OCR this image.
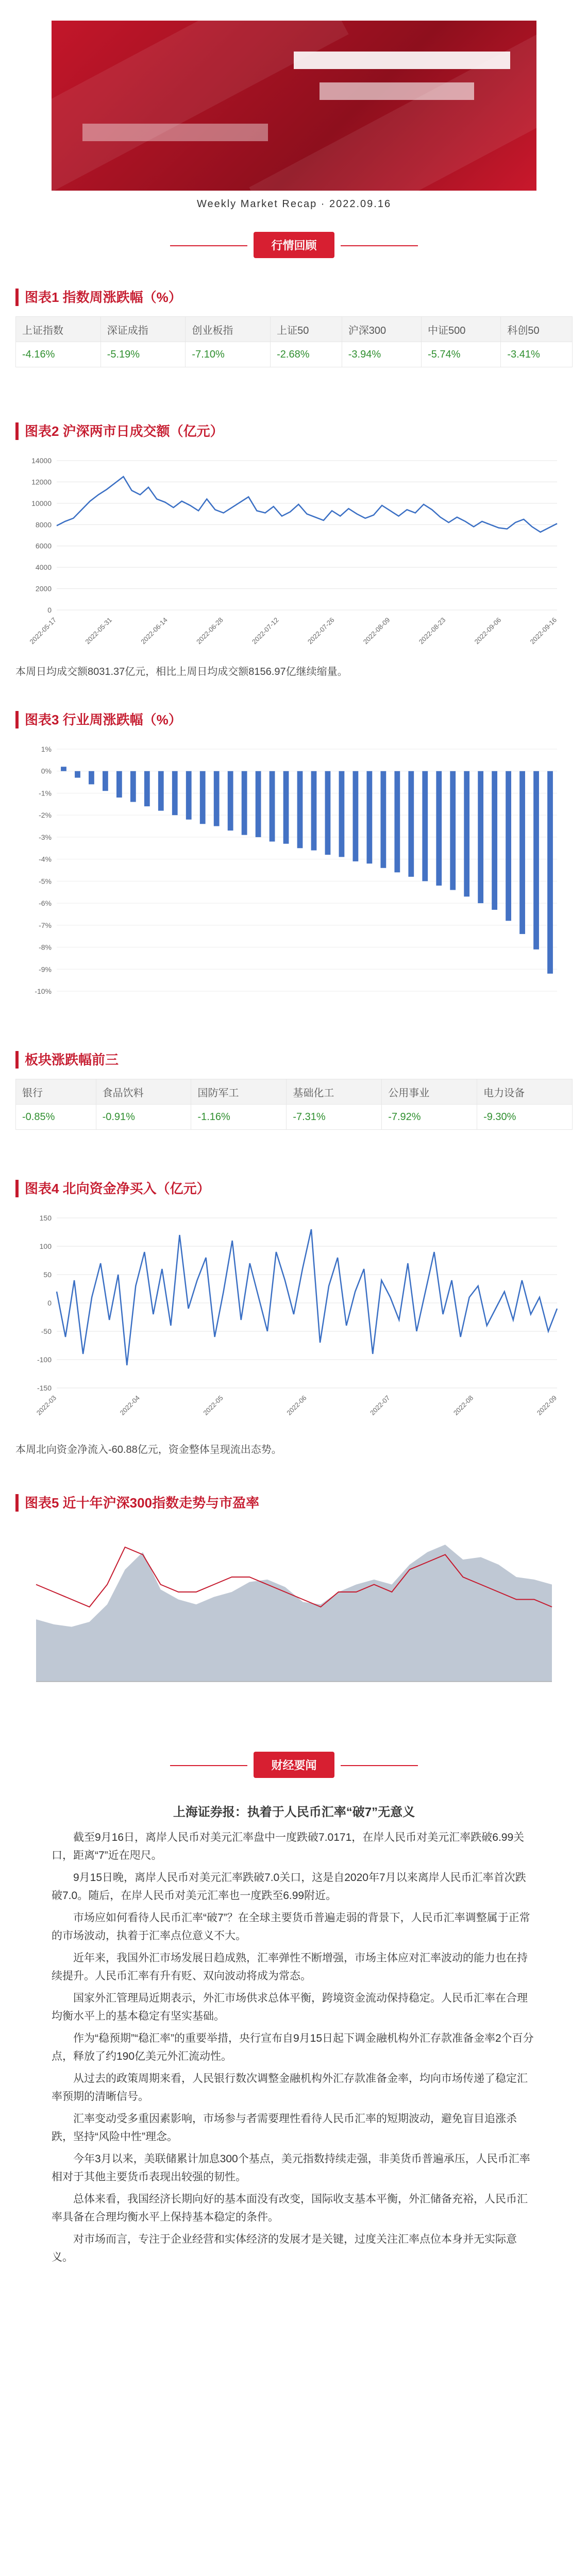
Weekly Market Recap · 2022.09.16
行情回顾
图表1 指数周涨跌幅（%）
上证指数	深证成指	创业板指	上证50	沪深300	中证500	科创50
-4.16%	-5.19%	-7.10%	-2.68%	-3.94%	-5.74%	-3.41%
图表2 沪深两市日成交额（亿元）
0
2000
4000
6000
8000
10000
12000
14000
2022-05-17	2022-05-31	2022-06-14	2022-06-28	2022-07-12	2022-07-26	2022-08-09	2022-08-23	2022-09-06	2022-09-16
本周日均成交额8031.37亿元，相比上周日均成交额8156.97亿继续缩量。
图表3 行业周涨跌幅（%）
1%
0%
-1%
-2%
-3%
-4%
-5%
-6%
-7%
-8%
-9%
-10%
板块涨跌幅前三
银行	食品饮料	国防军工	基础化工	公用事业	电力设备
-0.85%	-0.91%	-1.16%	-7.31%	-7.92%	-9.30%
图表4 北向资金净买入（亿元）
150
100
50
0
-50
-100
-150
2022-03	2022-04	2022-05	2022-06	2022-07	2022-08	2022-09
本周北向资金净流入-60.88亿元，资金整体呈现流出态势。
图表5 近十年沪深300指数走势与市盈率
财经要闻

上海证券报：执着于人民币汇率“破7”无意义

截至9月16日，离岸人民币对美元汇率盘中一度跌破7.0171，在岸人民币对美元汇率跌破6.99关口，距离“7”近在咫尺。

9月15日晚，离岸人民币对美元汇率跌破7.0关口，这是自2020年7月以来离岸人民币汇率首次跌破7.0。随后，在岸人民币对美元汇率也一度跌至6.99附近。

市场应如何看待人民币汇率“破7”？在全球主要货币普遍走弱的背景下，人民币汇率调整属于正常的市场波动，执着于汇率点位意义不大。

近年来，我国外汇市场发展日趋成熟，汇率弹性不断增强，市场主体应对汇率波动的能力也在持续提升。人民币汇率有升有贬、双向波动将成为常态。

国家外汇管理局近期表示，外汇市场供求总体平衡，跨境资金流动保持稳定。人民币汇率在合理均衡水平上的基本稳定有坚实基础。

作为“稳预期”“稳汇率”的重要举措，央行宣布自9月15日起下调金融机构外汇存款准备金率2个百分点，释放了约190亿美元外汇流动性。

从过去的政策周期来看，人民银行数次调整金融机构外汇存款准备金率，均向市场传递了稳定汇率预期的清晰信号。

汇率变动受多重因素影响，市场参与者需要理性看待人民币汇率的短期波动，避免盲目追涨杀跌，坚持“风险中性”理念。

今年3月以来，美联储累计加息300个基点，美元指数持续走强，非美货币普遍承压，人民币汇率相对于其他主要货币表现出较强的韧性。

总体来看，我国经济长期向好的基本面没有改变，国际收支基本平衡，外汇储备充裕，人民币汇率具备在合理均衡水平上保持基本稳定的条件。

对市场而言，专注于企业经营和实体经济的发展才是关键，过度关注汇率点位本身并无实际意义。
